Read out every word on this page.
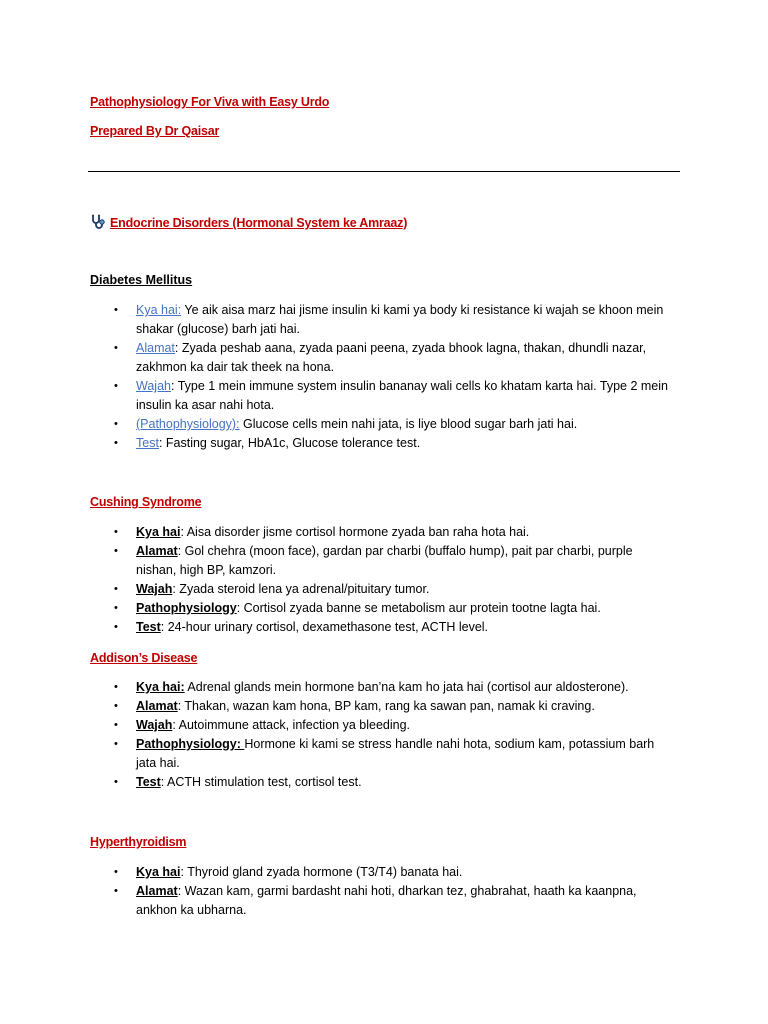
Pathophysiology For Viva with Easy Urdo
Prepared By Dr Qaisar
Endocrine Disorders (Hormonal System ke Amraaz)
Diabetes Mellitus
•	Kya hai: Ye aik aisa marz hai jisme insulin ki kami ya body ki resistance ki wajah se khoon mein
shakar (glucose) barh jati hai.
•	Alamat: Zyada peshab aana, zyada paani peena, zyada bhook lagna, thakan, dhundli nazar,
zakhmon ka dair tak theek na hona.
•	Wajah: Type 1 mein immune system insulin bananay wali cells ko khatam karta hai. Type 2 mein
insulin ka asar nahi hota.
•	(Pathophysiology): Glucose cells mein nahi jata, is liye blood sugar barh jati hai.
•	Test: Fasting sugar, HbA1c, Glucose tolerance test.
Cushing Syndrome
•	Kya hai: Aisa disorder jisme cortisol hormone zyada ban raha hota hai.
•	Alamat: Gol chehra (moon face), gardan par charbi (buffalo hump), pait par charbi, purple
nishan, high BP, kamzori.
•	Wajah: Zyada steroid lena ya adrenal/pituitary tumor.
•	Pathophysiology: Cortisol zyada banne se metabolism aur protein tootne lagta hai.
•	Test: 24-hour urinary cortisol, dexamethasone test, ACTH level.
Addison’s Disease
•	Kya hai: Adrenal glands mein hormone ban’na kam ho jata hai (cortisol aur aldosterone).
•	Alamat: Thakan, wazan kam hona, BP kam, rang ka sawan pan, namak ki craving.
•	Wajah: Autoimmune attack, infection ya bleeding.
•	Pathophysiology: Hormone ki kami se stress handle nahi hota, sodium kam, potassium barh
jata hai.
•	Test: ACTH stimulation test, cortisol test.
Hyperthyroidism
•	Kya hai: Thyroid gland zyada hormone (T3/T4) banata hai.
•	Alamat: Wazan kam, garmi bardasht nahi hoti, dharkan tez, ghabrahat, haath ka kaanpna,
ankhon ka ubharna.
